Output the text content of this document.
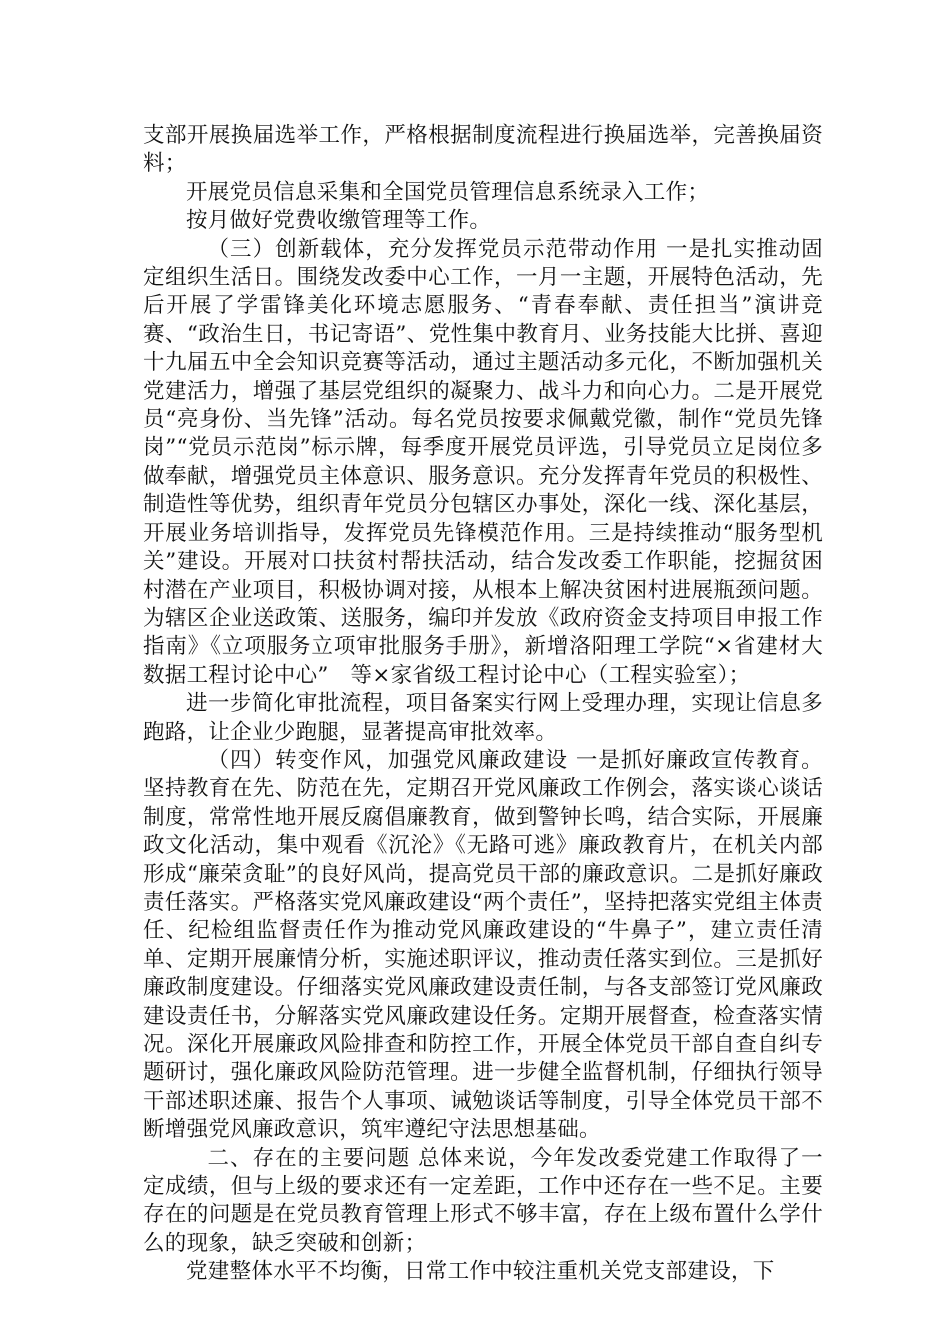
支部开展换届选举工作，严格根据制度流程进行换届选举，完善换届资料；

开展党员信息采集和全国党员管理信息系统录入工作；

按月做好党费收缴管理等工作。

（三）创新载体，充分发挥党员示范带动作用 一是扎实推动固定组织生活日。围绕发改委中心工作，一月一主题，开展特色活动，先后开展了学雷锋美化环境志愿服务、“青春奉献、责任担当”演讲竞赛、“政治生日，书记寄语”、党性集中教育月、业务技能大比拼、喜迎十九届五中全会知识竞赛等活动，通过主题活动多元化，不断加强机关党建活力，增强了基层党组织的凝聚力、战斗力和向心力。二是开展党员“亮身份、当先锋”活动。每名党员按要求佩戴党徽，制作“党员先锋岗”“党员示范岗”标示牌，每季度开展党员评选，引导党员立足岗位多做奉献，增强党员主体意识、服务意识。充分发挥青年党员的积极性、制造性等优势，组织青年党员分包辖区办事处，深化一线、深化基层，开展业务培训指导，发挥党员先锋模范作用。三是持续推动“服务型机关”建设。开展对口扶贫村帮扶活动，结合发改委工作职能，挖掘贫困村潜在产业项目，积极协调对接，从根本上解决贫困村进展瓶颈问题。为辖区企业送政策、送服务，编印并发放《政府资金支持项目申报工作指南》《立项服务立项审批服务手册》，新增洛阳理工学院“×省建材大数据工程讨论中心”　等×家省级工程讨论中心（工程实验室）；

进一步简化审批流程，项目备案实行网上受理办理，实现让信息多跑路，让企业少跑腿，显著提高审批效率。

（四）转变作风，加强党风廉政建设 一是抓好廉政宣传教育。坚持教育在先、防范在先，定期召开党风廉政工作例会，落实谈心谈话制度，常常性地开展反腐倡廉教育，做到警钟长鸣，结合实际，开展廉政文化活动，集中观看《沉沦》《无路可逃》廉政教育片，在机关内部形成“廉荣贪耻”的良好风尚，提高党员干部的廉政意识。二是抓好廉政责任落实。严格落实党风廉政建设“两个责任”，坚持把落实党组主体责任、纪检组监督责任作为推动党风廉政建设的“牛鼻子”，建立责任清单、定期开展廉情分析，实施述职评议，推动责任落实到位。三是抓好廉政制度建设。仔细落实党风廉政建设责任制，与各支部签订党风廉政建设责任书，分解落实党风廉政建设任务。定期开展督查，检查落实情况。深化开展廉政风险排查和防控工作，开展全体党员干部自查自纠专题研讨，强化廉政风险防范管理。进一步健全监督机制，仔细执行领导干部述职述廉、报告个人事项、诫勉谈话等制度，引导全体党员干部不断增强党风廉政意识，筑牢遵纪守法思想基础。

二、存在的主要问题 总体来说，今年发改委党建工作取得了一定成绩，但与上级的要求还有一定差距，工作中还存在一些不足。主要存在的问题是在党员教育管理上形式不够丰富，存在上级布置什么学什么的现象，缺乏突破和创新；

党建整体水平不均衡，日常工作中较注重机关党支部建设，下
